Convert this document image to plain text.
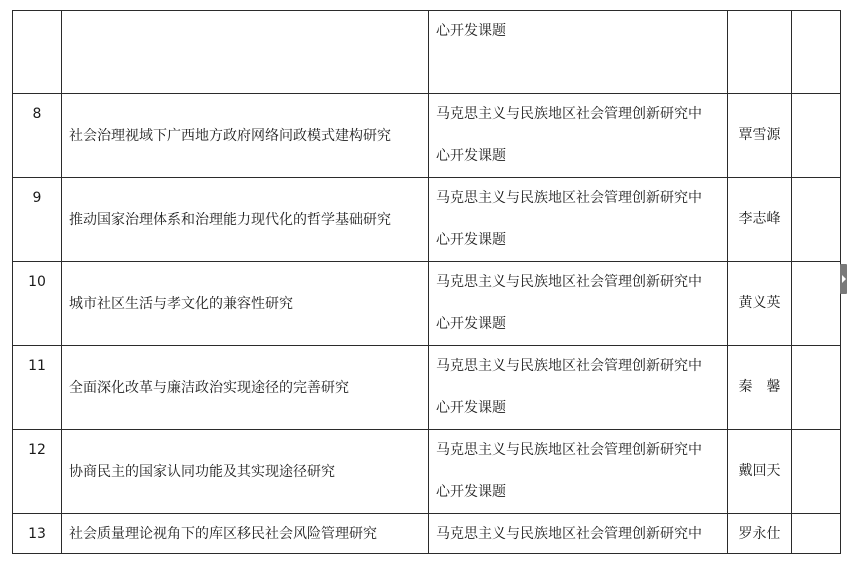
		心开发课题		

8	社会治理视域下广西地方政府网络问政模式建构研究	马克思主义与民族地区社会管理创新研究中
心开发课题	覃雪源	
9	推动国家治理体系和治理能力现代化的哲学基础研究	马克思主义与民族地区社会管理创新研究中
心开发课题	李志峰	
10	城市社区生活与孝文化的兼容性研究	马克思主义与民族地区社会管理创新研究中
心开发课题	黄义英	
11	全面深化改革与廉洁政治实现途径的完善研究	马克思主义与民族地区社会管理创新研究中
心开发课题	秦　馨	
12	协商民主的国家认同功能及其实现途径研究	马克思主义与民族地区社会管理创新研究中
心开发课题	戴回天	
13	社会质量理论视角下的库区移民社会风险管理研究	马克思主义与民族地区社会管理创新研究中	罗永仕	
